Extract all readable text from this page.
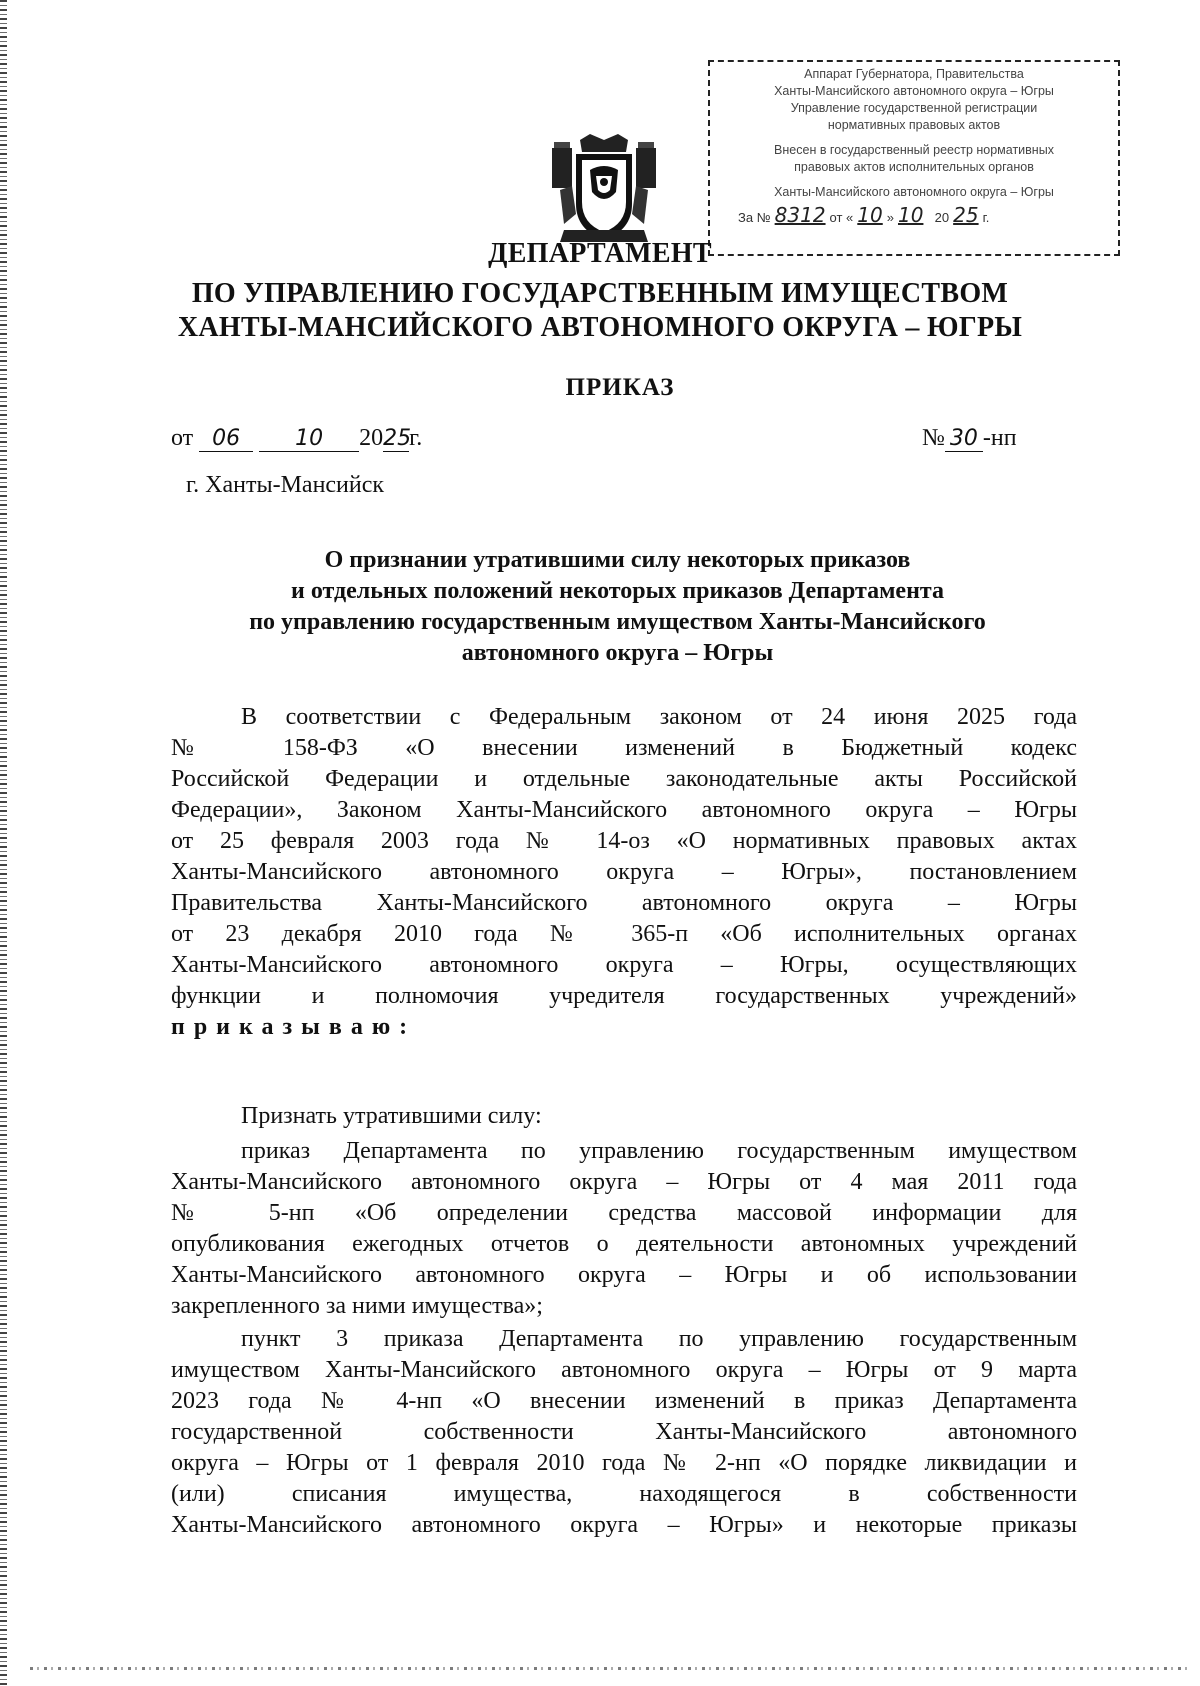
Аппарат Губернатора, Правительства
Ханты-Мансийского автономного округа – Югры
Управление государственной регистрации
нормативных правовых актов
Внесен в государственный реестр нормативных
правовых актов исполнительных органов
Ханты-Мансийского автономного округа – Югры
За № 8312 от « 10 » 10 20 25 г.
ДЕПАРТАМЕНТ
ПО УПРАВЛЕНИЮ ГОСУДАРСТВЕННЫМ ИМУЩЕСТВОМ
ХАНТЫ-МАНСИЙСКОГО АВТОНОМНОГО ОКРУГА – ЮГРЫ
ПРИКАЗ
от 06	10 2025г.	№ 30 -нп
г. Ханты-Мансийск
О признании утратившими силу некоторых приказов
и отдельных положений некоторых приказов Департамента
по управлению государственным имуществом Ханты-Мансийского
автономного округа – Югры
В соответствии с Федеральным законом от 24 июня 2025 года
№ 158-ФЗ «О внесении изменений в Бюджетный кодекс
Российской Федерации и отдельные законодательные акты Российской
Федерации», Законом Ханты-Мансийского автономного округа – Югры
от 25 февраля 2003 года № 14-оз «О нормативных правовых актах
Ханты-Мансийского автономного округа – Югры», постановлением
Правительства Ханты-Мансийского автономного округа – Югры
от 23 декабря 2010 года № 365-п «Об исполнительных органах
Ханты-Мансийского автономного округа – Югры, осуществляющих
функции и полномочия учредителя государственных учреждений»
приказываю:
Признать утратившими силу:
приказ Департамента по управлению государственным имуществом
Ханты-Мансийского автономного округа – Югры от 4 мая 2011 года
№ 5-нп «Об определении средства массовой информации для
опубликования ежегодных отчетов о деятельности автономных учреждений
Ханты-Мансийского автономного округа – Югры и об использовании
закрепленного за ними имущества»;
пункт 3 приказа Департамента по управлению государственным
имуществом Ханты-Мансийского автономного округа – Югры от 9 марта
2023 года № 4-нп «О внесении изменений в приказ Департамента
государственной собственности Ханты-Мансийского автономного
округа – Югры от 1 февраля 2010 года № 2-нп «О порядке ликвидации и
(или) списания имущества, находящегося в собственности
Ханты-Мансийского автономного округа – Югры» и некоторые приказы
